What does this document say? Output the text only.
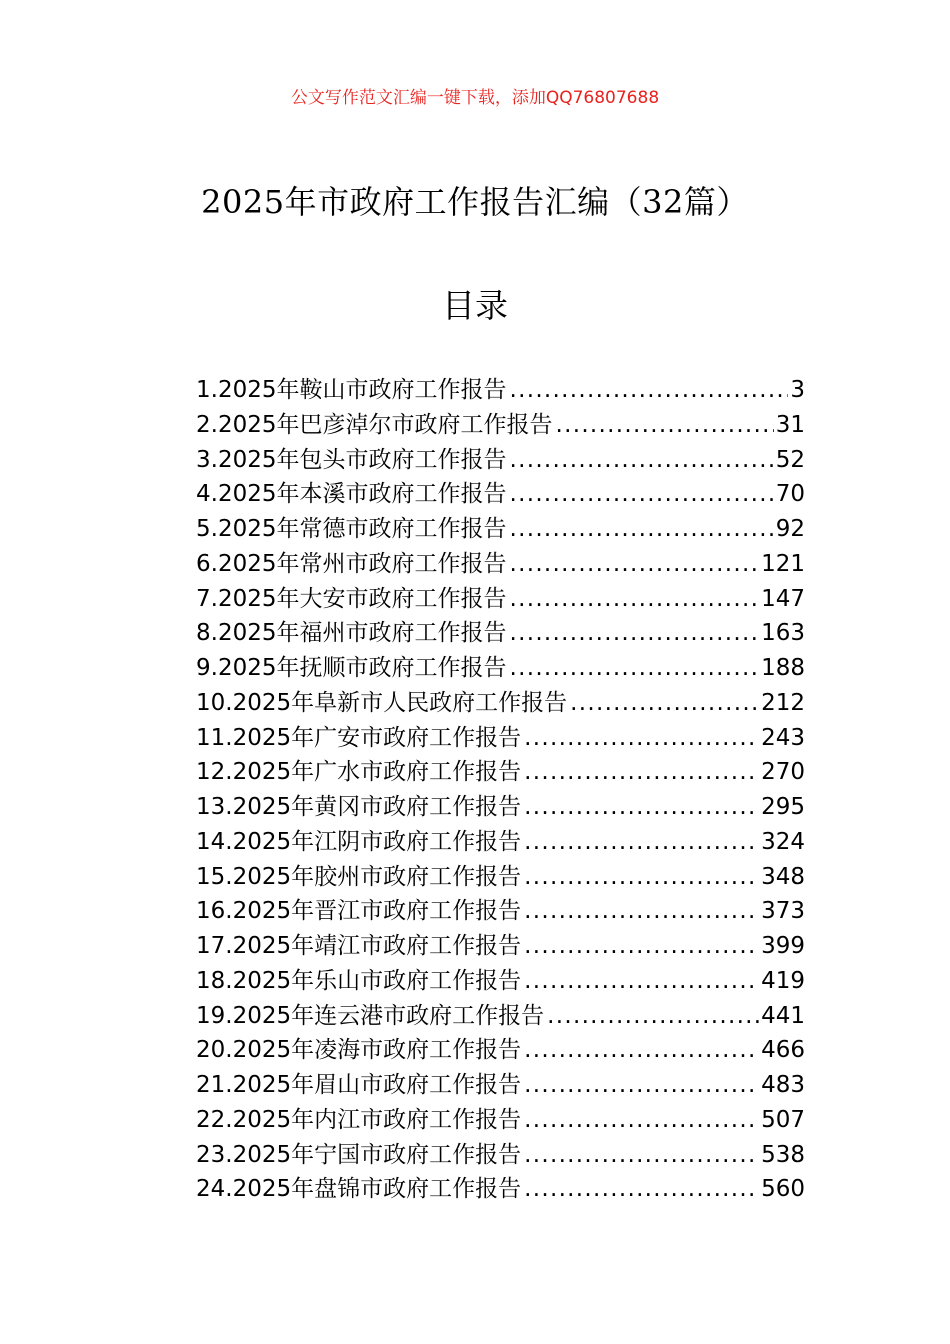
公文写作范文汇编一键下载，添加QQ76807688
2025年市政府工作报告汇编（32篇）
目录
1.2025年鞍山市政府工作报告 .....	3
2.2025年巴彦淖尔市政府工作报告 .....	31
3.2025年包头市政府工作报告 .....	52
4.2025年本溪市政府工作报告 .....	70
5.2025年常德市政府工作报告 .....	92
6.2025年常州市政府工作报告 .....	121
7.2025年大安市政府工作报告 .....	147
8.2025年福州市政府工作报告 .....	163
9.2025年抚顺市政府工作报告 .....	188
10.2025年阜新市人民政府工作报告 .....	212
11.2025年广安市政府工作报告 .....	243
12.2025年广水市政府工作报告 .....	270
13.2025年黄冈市政府工作报告 .....	295
14.2025年江阴市政府工作报告 .....	324
15.2025年胶州市政府工作报告 .....	348
16.2025年晋江市政府工作报告 .....	373
17.2025年靖江市政府工作报告 .....	399
18.2025年乐山市政府工作报告 .....	419
19.2025年连云港市政府工作报告 .....	441
20.2025年凌海市政府工作报告 .....	466
21.2025年眉山市政府工作报告 .....	483
22.2025年内江市政府工作报告 .....	507
23.2025年宁国市政府工作报告 .....	538
24.2025年盘锦市政府工作报告 .....	560
